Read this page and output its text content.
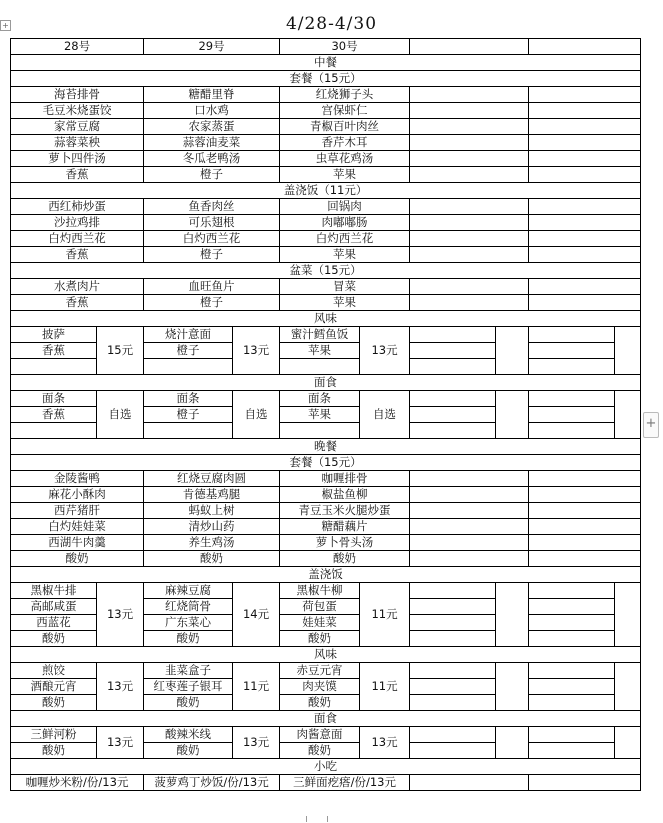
+	4/28-4/30
28号		29号		30号					
中餐									
套餐（15元）									
海苔排骨		糖醋里脊		红烧狮子头					
毛豆米烧蛋饺		口水鸡		宫保虾仁					
家常豆腐		农家蒸蛋		青椒百叶肉丝					
蒜蓉菜秧		蒜蓉油麦菜		香芹木耳					
萝卜四件汤		冬瓜老鸭汤		虫草花鸡汤					
香蕉		橙子		苹果					
盖浇饭（11元）									
西红柿炒蛋		鱼香肉丝		回锅肉					
沙拉鸡排		可乐翅根		肉嘟嘟肠					
白灼西兰花		白灼西兰花		白灼西兰花					
香蕉		橙子		苹果					
盆菜（15元）									
水煮肉片		血旺鱼片		冒菜					
香蕉		橙子		苹果					
风味									
披萨	15元	烧汁意面	13元	蜜汁鳕鱼饭	13元				
香蕉		橙子		苹果					

面食									
面条	自选	面条	自选	面条	自选				
香蕉		橙子		苹果					

晚餐									
套餐（15元）									
金陵酱鸭		红烧豆腐肉圆		咖喱排骨					
麻花小酥肉		肯德基鸡腿		椒盐鱼柳					
西芹猪肝		蚂蚁上树		青豆玉米火腿炒蛋					
白灼娃娃菜		清炒山药		糖醋藕片					
西湖牛肉羹		养生鸡汤		萝卜骨头汤					
酸奶		酸奶		酸奶					
盖浇饭									
黑椒牛排	13元	麻辣豆腐	14元	黑椒牛柳	11元				
高邮咸蛋		红烧筒骨		荷包蛋					
西蓝花		广东菜心		娃娃菜					
酸奶		酸奶		酸奶					
风味									
煎饺	13元	韭菜盒子	11元	赤豆元宵	11元				
酒酿元宵		红枣莲子银耳		肉夹馍					
酸奶		酸奶		酸奶					
面食									
三鲜河粉	13元	酸辣米线	13元	肉酱意面	13元				
酸奶		酸奶		酸奶					
小吃									
咖喱炒米粉/份/13元		菠萝鸡丁炒饭/份/13元		三鲜面疙瘩/份/13元					
+
